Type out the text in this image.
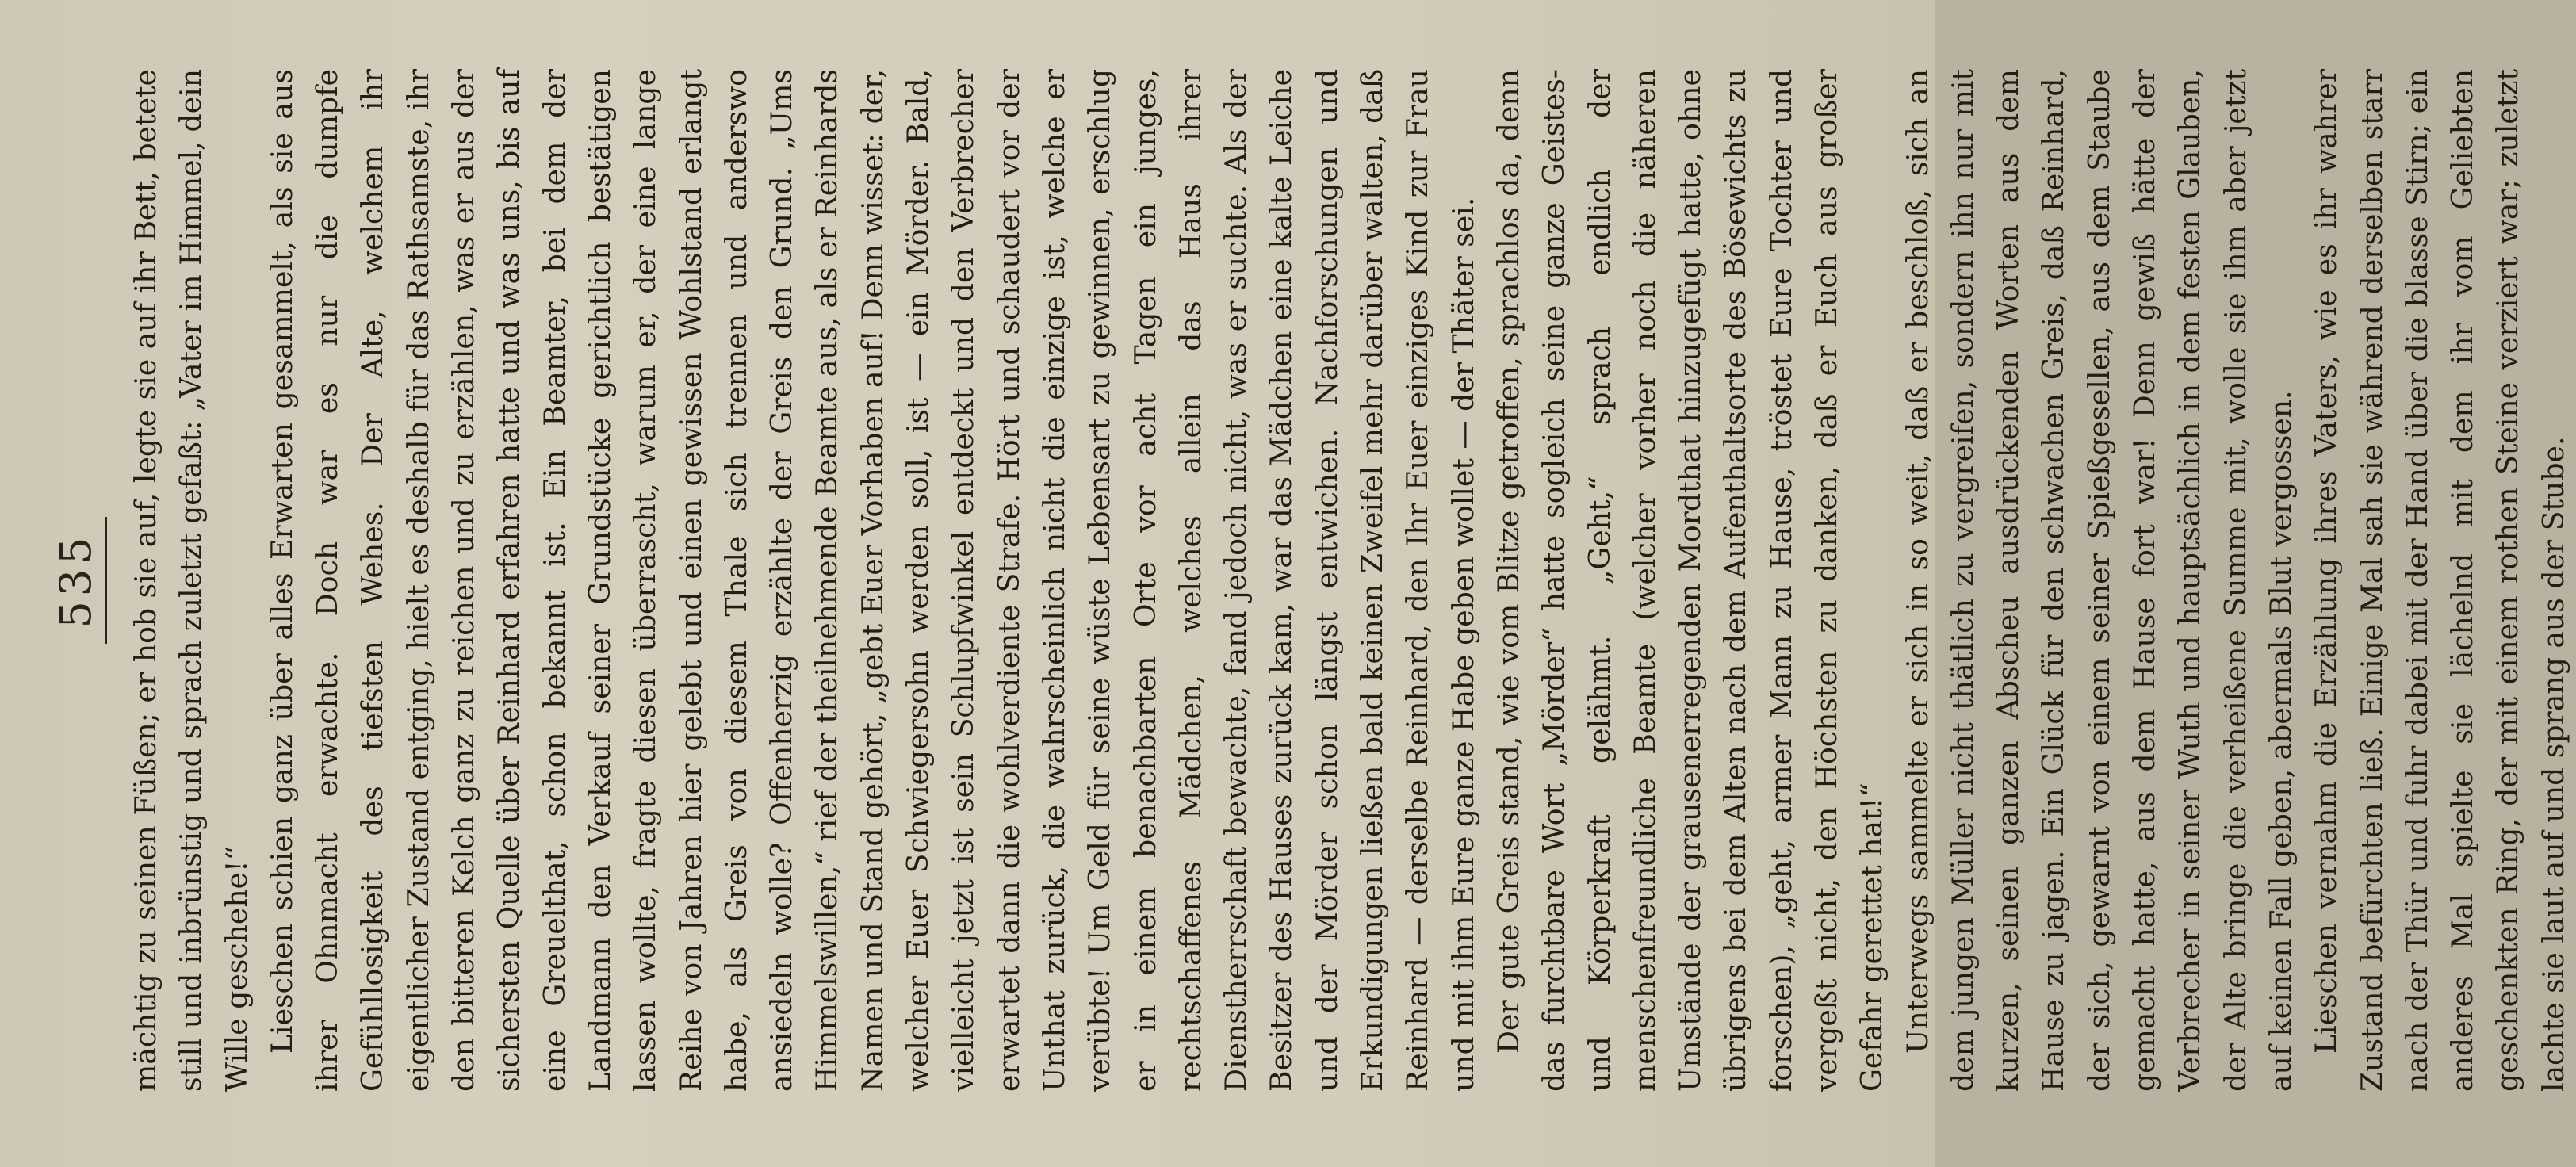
535 mächtig zu seinen Füßen; er hob sie auf, legte sie auf ihr Bett, betete still und inbrünstig und sprach zuletzt gefaßt: „Vater im Himmel, dein Wille geschehe!“ Lieschen schien ganz über alles Erwarten gesammelt, als sie aus ihrer Ohnmacht erwachte. Doch war es nur die dumpfe Gefühllosigkeit des tiefsten Wehes. Der Alte, welchem ihr eigentlicher Zustand entging, hielt es deshalb für das Rathsamste, ihr den bitteren Kelch ganz zu reichen und zu erzählen, was er aus der sichersten Quelle über Reinhard erfahren hatte und was uns, bis auf eine Greuelthat, schon bekannt ist. Ein Beamter, bei dem der Landmann den Verkauf seiner Grundstücke gerichtlich bestätigen lassen wollte, fragte diesen überrascht, warum er, der eine lange Reihe von Jahren hier gelebt und einen gewissen Wohlstand erlangt habe, als Greis von diesem Thale sich trennen und anderswo ansiedeln wolle? Offenherzig erzählte der Greis den Grund. „Ums Himmelswillen,“ rief der theilnehmende Beamte aus, als er Reinhards Namen und Stand gehört, „gebt Euer Vorhaben auf! Denn wisset: der, welcher Euer Schwiegersohn werden soll, ist — ein Mörder. Bald, vielleicht jetzt ist sein Schlupfwinkel entdeckt und den Verbrecher erwartet dann die wohlverdiente Strafe. Hört und schaudert vor der Unthat zurück, die wahrscheinlich nicht die einzige ist, welche er verübte! Um Geld für seine wüste Lebensart zu gewinnen, erschlug er in einem benachbarten Orte vor acht Tagen ein junges, rechtschaffenes Mädchen, welches allein das Haus ihrer Dienstherrschaft bewachte, fand jedoch nicht, was er suchte. Als der Besitzer des Hauses zurück kam, war das Mädchen eine kalte Leiche und der Mörder schon längst entwichen. Nachforschungen und Erkundigungen ließen bald keinen Zweifel mehr darüber walten, daß Reinhard — derselbe Reinhard, den Ihr Euer einziges Kind zur Frau und mit ihm Eure ganze Habe geben wollet — der Thäter sei. Der gute Greis stand, wie vom Blitze getroffen, sprachlos da, denn das furchtbare Wort „Mörder“ hatte sogleich seine ganze Geistes- und Körperkraft gelähmt. „Geht,“ sprach endlich der menschenfreundliche Beamte (welcher vorher noch die näheren Umstände der grausenerregenden Mordthat hinzugefügt hatte, ohne übrigens bei dem Alten nach dem Aufenthaltsorte des Bösewichts zu forschen), „geht, armer Mann zu Hause, tröstet Eure Tochter und vergeßt nicht, den Höchsten zu danken, daß er Euch aus großer Gefahr gerettet hat!“ Unterwegs sammelte er sich in so weit, daß er beschloß, sich an dem jungen Müller nicht thätlich zu vergreifen, sondern ihn nur mit kurzen, seinen ganzen Abscheu ausdrückenden Worten aus dem Hause zu jagen. Ein Glück für den schwachen Greis, daß Reinhard, der sich, gewarnt von einem seiner Spießgesellen, aus dem Staube gemacht hatte, aus dem Hause fort war! Denn gewiß hätte der Verbrecher in seiner Wuth und hauptsächlich in dem festen Glauben, der Alte bringe die verheißene Summe mit, wolle sie ihm aber jetzt auf keinen Fall geben, abermals Blut vergossen. Lieschen vernahm die Erzählung ihres Vaters, wie es ihr wahrer Zustand befürchten ließ. Einige Mal sah sie während derselben starr nach der Thür und fuhr dabei mit der Hand über die blasse Stirn; ein anderes Mal spielte sie lächelnd mit dem ihr vom Geliebten geschenkten Ring, der mit einem rothen Steine verziert war; zuletzt lachte sie laut auf und sprang aus der Stube.
